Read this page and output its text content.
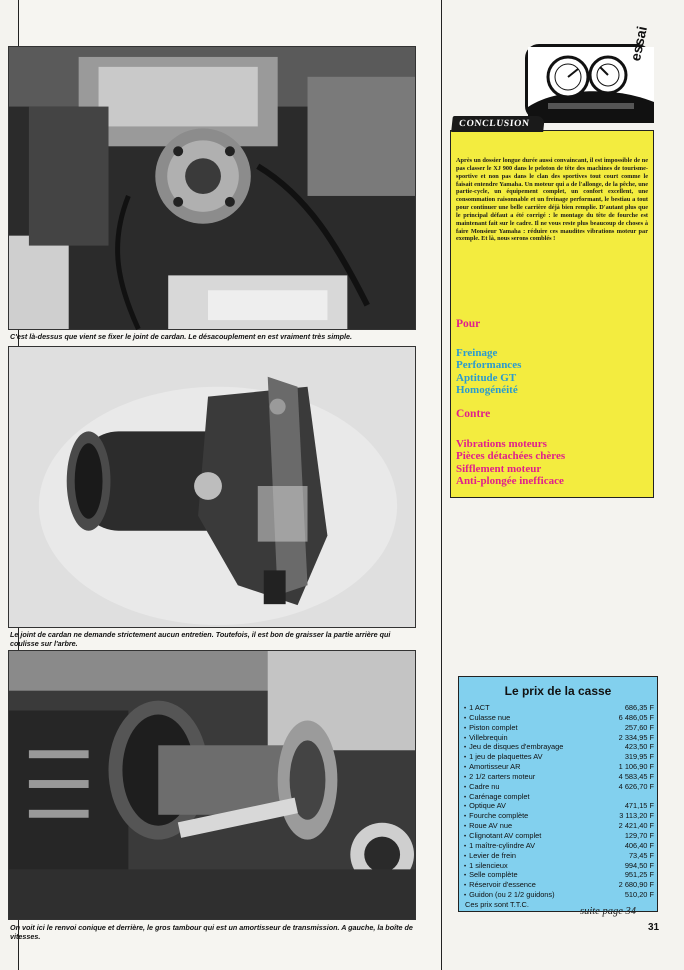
C'est là-dessus que vient se fixer le joint de cardan. Le désacouplement en est vraiment très simple.
Le joint de cardan ne demande strictement aucun entretien. Toutefois, il est bon de graisser la partie arrière qui coulisse sur l'arbre.
On voit ici le renvoi conique et derrière, le gros tambour qui est un amortisseur de transmission. A gauche, la boîte de vitesses.
essai
CONCLUSION

Après un dossier longue durée aussi convaincant, il est impossible de ne pas classer le XJ 900 dans le peloton de tête des machines de tourisme-sportive et non pas dans le clan des sportives tout court comme le faisait entendre Yamaha. Un moteur qui a de l'allonge, de la pêche, une partie-cycle, un équipement complet, un confort excellent, une consommation raisonnable et un freinage performant, le bestiau a tout pour continuer une belle carrière déjà bien remplie. D'autant plus que le principal défaut a été corrigé : le montage du tête de fourche est maintenant fait sur le cadre. Il ne vous reste plus beaucoup de choses à faire Monsieur Yamaha : réduire ces maudites vibrations moteur par exemple. Et là, nous serons comblés !

Pour
Freinage
Performances
Aptitude GT
Homogénéité
Contre
Vibrations moteurs
Pièces détachées chères
Sifflement moteur
Anti-plongée inefficace
Le prix de la casse
• 1 ACT	686,35 F
• Culasse nue	6 486,05 F
• Piston complet	257,60 F
• Villebrequin	2 334,95 F
• Jeu de disques d'embrayage	423,50 F
• 1 jeu de plaquettes AV	319,95 F
• Amortisseur AR	1 106,90 F
• 2 1/2 carters moteur	4 583,45 F
• Cadre nu	4 626,70 F
• Carénage complet
• Optique AV	471,15 F
• Fourche complète	3 113,20 F
• Roue AV nue	2 421,40 F
• Clignotant AV complet	129,70 F
• 1 maître-cylindre AV	406,40 F
• Levier de frein	73,45 F
• 1 silencieux	994,50 F
• Selle complète	951,25 F
• Réservoir d'essence	2 680,90 F
• Guidon (ou 2 1/2 guidons)	510,20 F
Ces prix sont T.T.C.
suite page 34
31
